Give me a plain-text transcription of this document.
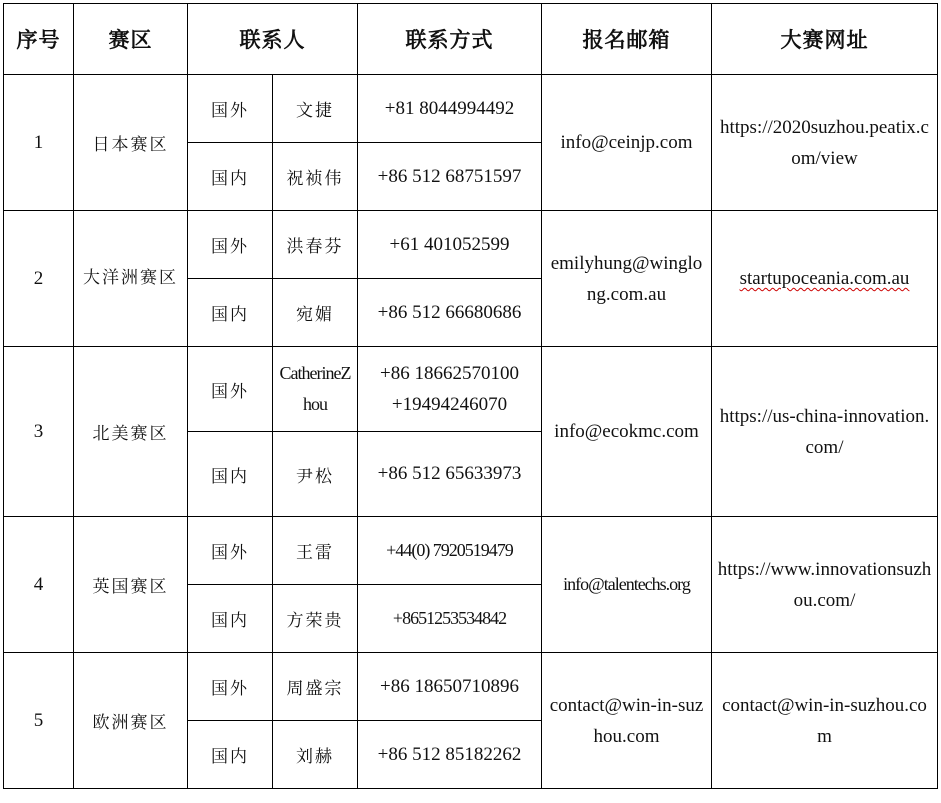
序号	赛区	联系人		联系方式	报名邮箱	大赛网址
1	日本赛区	国外	文捷	+81 8044994492	info@ceinjp.com	https://2020suzhou.peatix.com/view
		国内	祝祯伟	+86 512 68751597		
2	大洋洲赛区	国外	洪春芬	+61 401052599	emilyhung@winglong.com.au	startupoceania.com.au
		国内	宛媚	+86 512 66680686		
3	北美赛区	国外	CatherineZhou	+86 18662570100 +19494246070	info@ecokmc.com	https://us-china-innovation.com/
		国内	尹松	+86 512 65633973		
4	英国赛区	国外	王雷	+44(0) 7920519479	info@talentechs.org	https://www.innovationsuzhou.com/
		国内	方荣贵	+8651253534842		
5	欧洲赛区	国外	周盛宗	+86 18650710896	contact@win-in-suzhou.com	contact@win-in-suzhou.com
		国内	刘赫	+86 512 85182262		
